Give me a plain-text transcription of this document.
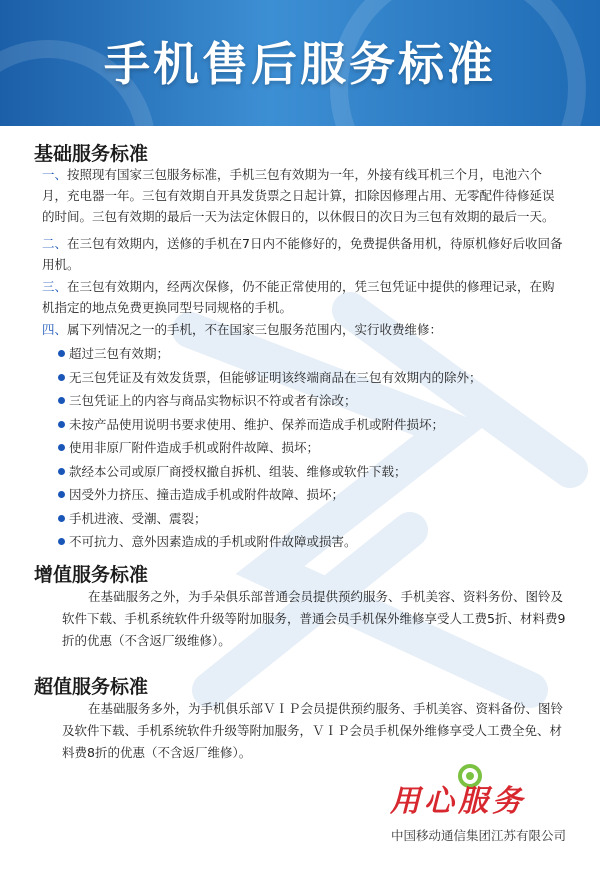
手机售后服务标准
基础服务标准
一、按照现有国家三包服务标准，手机三包有效期为一年，外接有线耳机三个月，电池六个月，充电器一年。三包有效期自开具发货票之日起计算，扣除因修理占用、无零配件待修延误的时间。三包有效期的最后一天为法定休假日的，以休假日的次日为三包有效期的最后一天。
二、在三包有效期内，送修的手机在7日内不能修好的，免费提供备用机，待原机修好后收回备用机。
三、在三包有效期内，经两次保修，仍不能正常使用的，凭三包凭证中提供的修理记录，在购机指定的地点免费更换同型号同规格的手机。
四、属下列情况之一的手机，不在国家三包服务范围内，实行收费维修：
超过三包有效期；
无三包凭证及有效发货票，但能够证明该终端商品在三包有效期内的除外；
三包凭证上的内容与商品实物标识不符或者有涂改；
未按产品使用说明书要求使用、维护、保养而造成手机或附件损坏；
使用非原厂附件造成手机或附件故障、损坏；
款经本公司或原厂商授权撤自拆机、组装、维修或软件下载；
因受外力挤压、撞击造成手机或附件故障、损坏；
手机进液、受潮、震裂；
不可抗力、意外因素造成的手机或附件故障或损害。
增值服务标准
在基础服务之外，为手朵俱乐部普通会员提供预约服务、手机美容、资料务份、图铃及软件下载、手机系统软件升级等附加服务，普通会员手机保外维修享受人工费5折、材料费9折的优惠（不含返厂级维修）。
超值服务标准
在基础服务多外，为手机俱乐部ＶＩＰ会员提供预约服务、手机美容、资料备份、图铃及软件下载、手机系统软件升级等附加服务，ＶＩＰ会员手机保外维修享受人工费全免、材料费8折的优惠（不含返厂维修）。
用心服务
中国移动通信集团江苏有限公司
